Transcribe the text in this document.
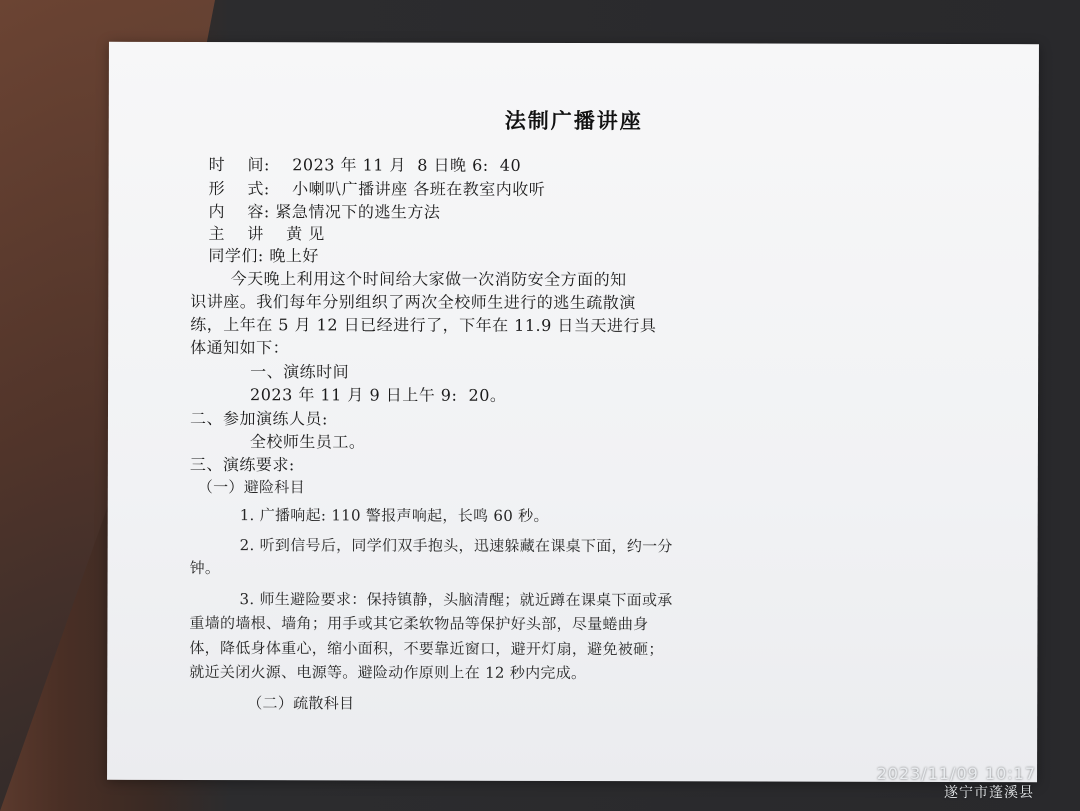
法制广播讲座
时    间:    2023 年 11 月  8 日晚 6:  40
形    式:    小喇叭广播讲座 各班在教室内收听
内    容: 紧急情况下的逃生方法
主    讲    黄 见
同学们: 晚上好
今天晚上利用这个时间给大家做一次消防安全方面的知
识讲座。我们每年分别组织了两次全校师生进行的逃生疏散演
练，上年在 5 月 12 日已经进行了，下年在 11.9 日当天进行具
体通知如下：
一、演练时间
2023 年 11 月 9 日上午 9:  20。
二、参加演练人员:
全校师生员工。
三、演练要求:
（一）避险科目
1. 广播响起: 110 警报声响起，长鸣 60 秒。
2. 听到信号后，同学们双手抱头，迅速躲藏在课桌下面，约一分
钟。
3. 师生避险要求：保持镇静，头脑清醒；就近蹲在课桌下面或承
重墙的墙根、墙角；用手或其它柔软物品等保护好头部，尽量蜷曲身
体，降低身体重心，缩小面积，不要靠近窗口，避开灯扇，避免被砸；
就近关闭火源、电源等。避险动作原则上在 12 秒内完成。
（二）疏散科目
2023/11/09 10:17
遂宁市蓬溪县
